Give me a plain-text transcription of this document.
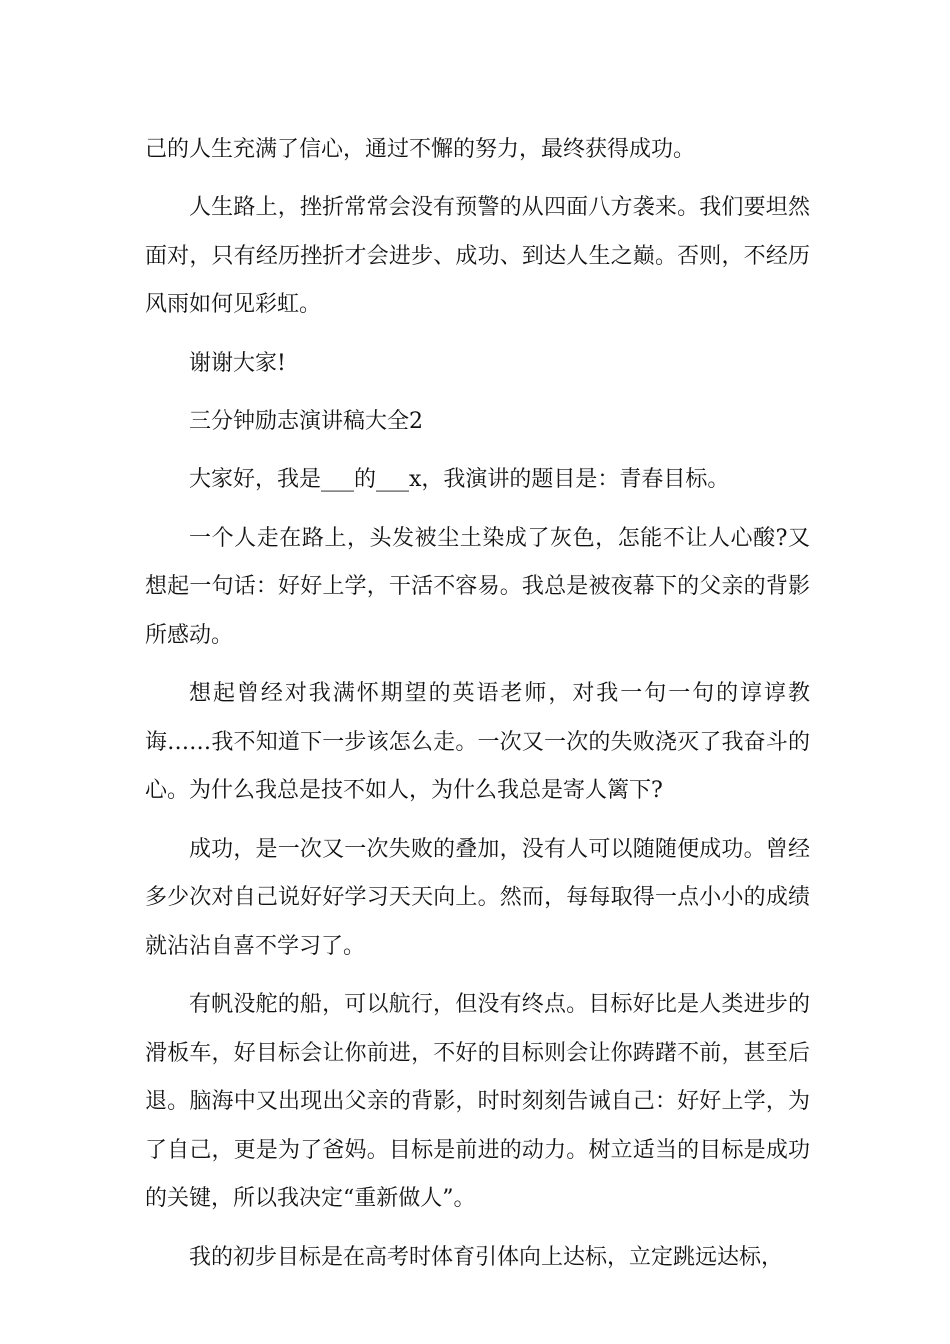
己的人生充满了信心，通过不懈的努力，最终获得成功。

人生路上，挫折常常会没有预警的从四面八方袭来。我们要坦然面对，只有经历挫折才会进步、成功、到达人生之巅。否则，不经历风雨如何见彩虹。

谢谢大家!

三分钟励志演讲稿大全2

大家好，我是___的___x，我演讲的题目是：青春目标。

一个人走在路上，头发被尘土染成了灰色，怎能不让人心酸?又想起一句话：好好上学，干活不容易。我总是被夜幕下的父亲的背影所感动。

想起曾经对我满怀期望的英语老师，对我一句一句的谆谆教诲……我不知道下一步该怎么走。一次又一次的失败浇灭了我奋斗的心。为什么我总是技不如人，为什么我总是寄人篱下?

成功，是一次又一次失败的叠加，没有人可以随随便成功。曾经多少次对自己说好好学习天天向上。然而，每每取得一点小小的成绩就沾沾自喜不学习了。

有帆没舵的船，可以航行，但没有终点。目标好比是人类进步的滑板车，好目标会让你前进，不好的目标则会让你踌躇不前，甚至后退。脑海中又出现出父亲的背影，时时刻刻告诫自己：好好上学，为了自己，更是为了爸妈。目标是前进的动力。树立适当的目标是成功的关键，所以我决定“重新做人”。

我的初步目标是在高考时体育引体向上达标，立定跳远达标，
